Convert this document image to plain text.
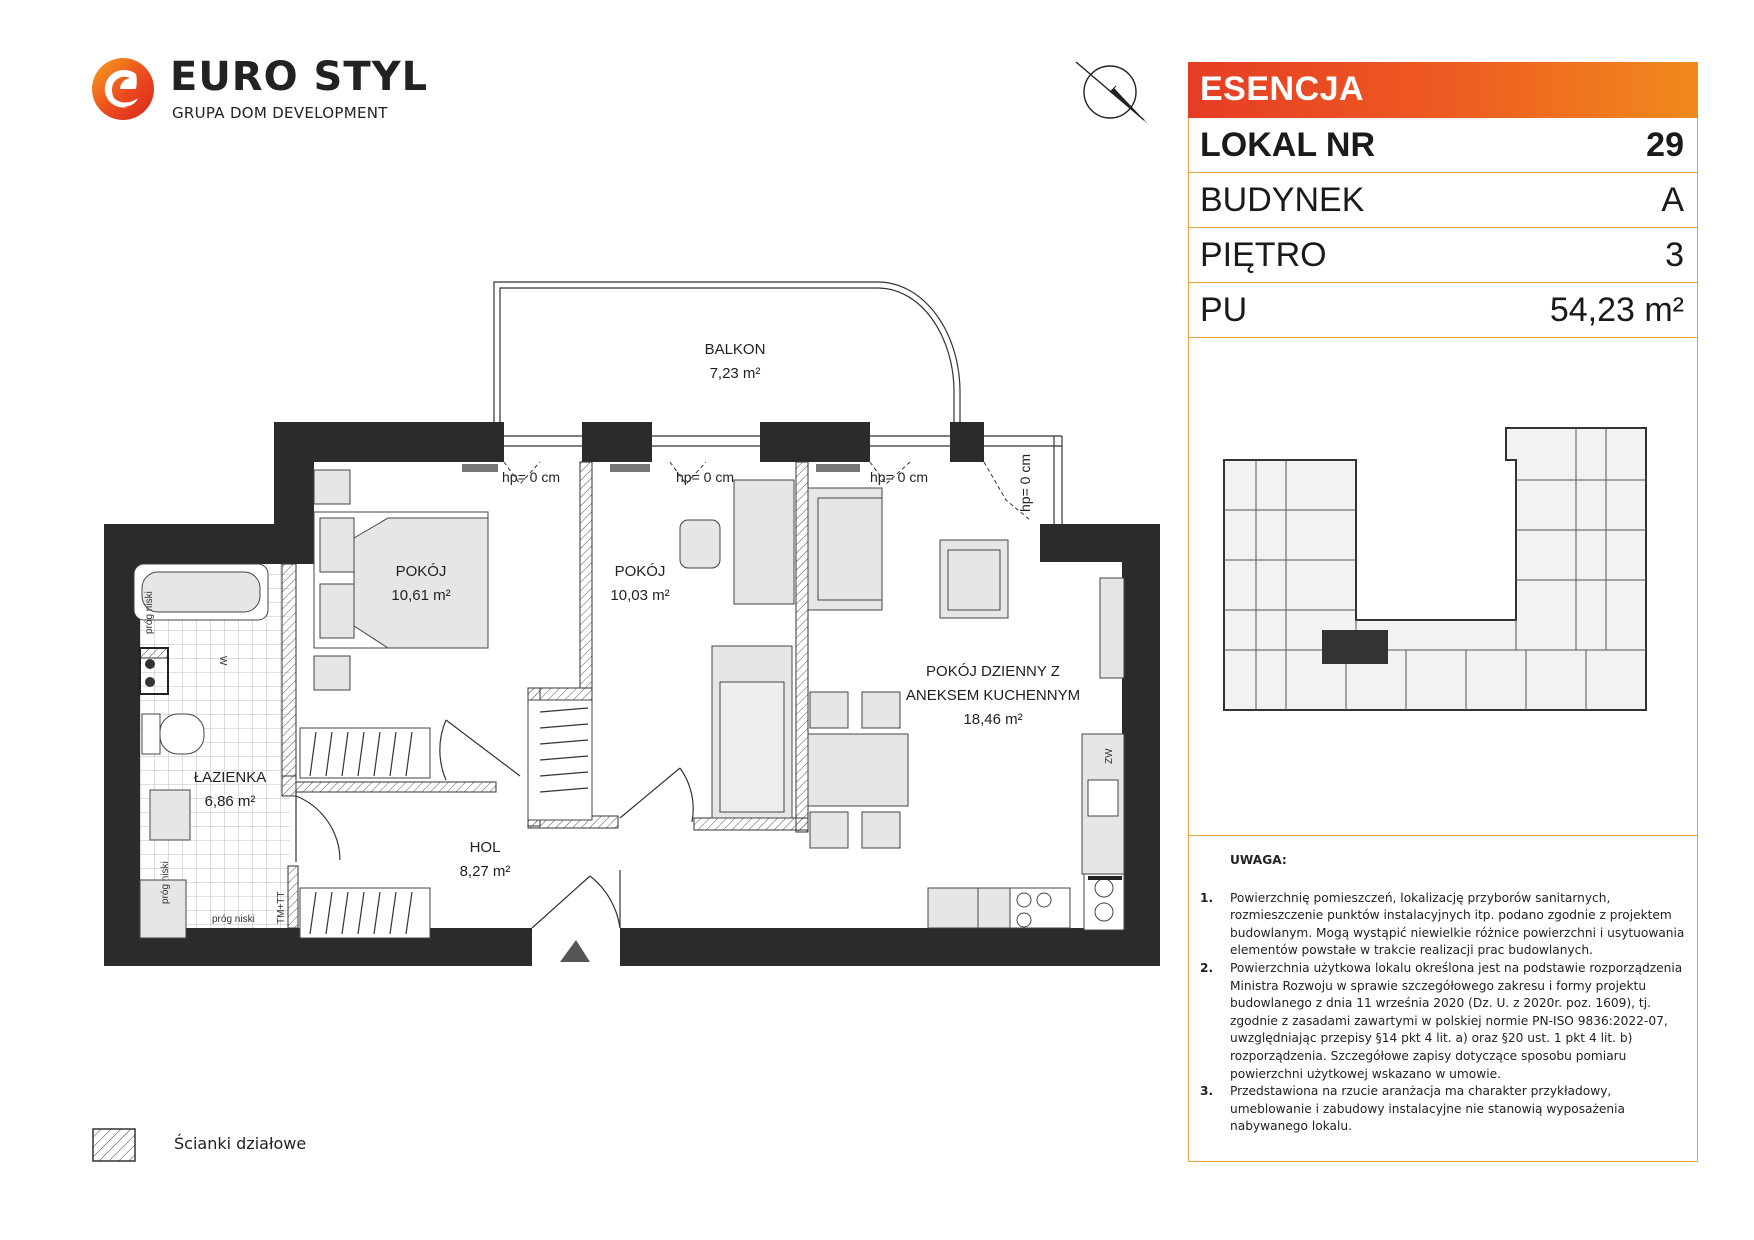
EURO STYL
GRUPA DOM DEVELOPMENT
BALKON
7,23 m²
POKÓJ
10,61 m²
POKÓJ
10,03 m²
POKÓJ DZIENNY Z
ANEKSEM KUCHENNYM
18,46 m²
ŁAZIENKA
6,86 m²
HOL
8,27 m²
hp= 0 cm	hp= 0 cm	hp= 0 cm	hp= 0 cm
próg niski
próg niski
próg niski
W
TM+TT
ZW
ESENCJA
LOKAL NR	29
BUDYNEK	A
PIĘTRO	3
PU	54,23 m²
UWAGA:
1. Powierzchnię pomieszczeń, lokalizację przyborów sanitarnych, rozmieszczenie punktów instalacyjnych itp. podano zgodnie z projektem budowlanym. Mogą wystąpić niewielkie różnice powierzchni i usytuowania elementów powstałe w trakcie realizacji prac budowlanych.
2. Powierzchnia użytkowa lokalu określona jest na podstawie rozporządzenia Ministra Rozwoju w sprawie szczegółowego zakresu i formy projektu budowlanego z dnia 11 września 2020 (Dz. U. z 2020r. poz. 1609), tj. zgodnie z zasadami zawartymi w polskiej normie PN-ISO 9836:2022-07, uwzględniając przepisy §14 pkt 4 lit. a) oraz §20 ust. 1 pkt 4 lit. b) rozporządzenia. Szczegółowe zapisy dotyczące sposobu pomiaru powierzchni użytkowej wskazano w umowie.
3. Przedstawiona na rzucie aranżacja ma charakter przykładowy, umeblowanie i zabudowy instalacyjne nie stanowią wyposażenia nabywanego lokalu.
Ścianki działowe
